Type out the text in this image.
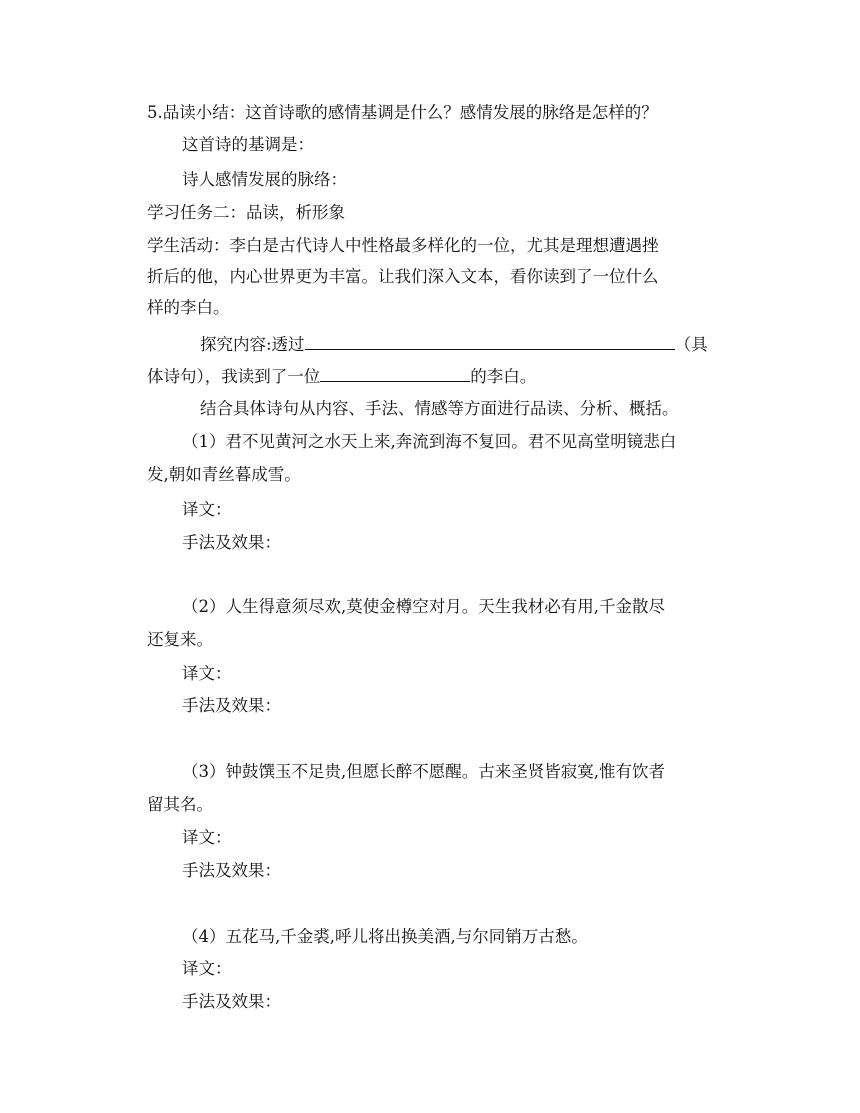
5.品读小结：这首诗歌的感情基调是什么？感情发展的脉络是怎样的？
这首诗的基调是：
诗人感情发展的脉络：
学习任务二：品读，析形象
学生活动：李白是古代诗人中性格最多样化的一位，尤其是理想遭遇挫
折后的他，内心世界更为丰富。让我们深入文本，看你读到了一位什么
样的李白。
探究内容:透过	（具
体诗句），我读到了一位	的李白。
结合具体诗句从内容、手法、情感等方面进行品读、分析、概括。
（1）君不见黄河之水天上来,奔流到海不复回。君不见高堂明镜悲白
发,朝如青丝暮成雪。
译文：
手法及效果：
（2）人生得意须尽欢,莫使金樽空对月。天生我材必有用,千金散尽
还复来。
译文：
手法及效果：
（3）钟鼓馔玉不足贵,但愿长醉不愿醒。古来圣贤皆寂寞,惟有饮者
留其名。
译文：
手法及效果：
（4）五花马,千金裘,呼儿将出换美酒,与尔同销万古愁。
译文：
手法及效果：
